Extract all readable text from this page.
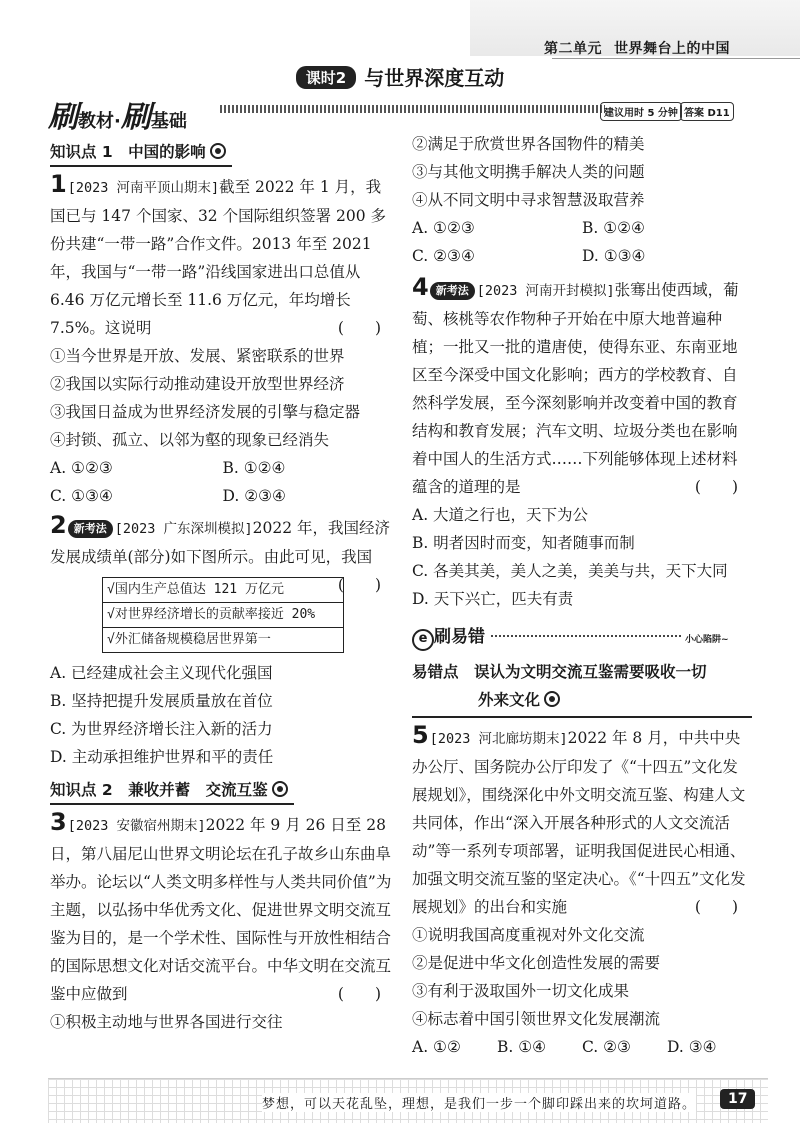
第二单元 世界舞台上的中国
课时2 与世界深度互动
刷教材·刷基础	建议用时 5 分钟 答案 D11
知识点 1　中国的影响
1[2023 河南平顶山期末]截至 2022 年 1 月，我国已与 147 个国家、32 个国际组织签署 200 多份共建“一带一路”合作文件。2013 年至 2021 年，我国与“一带一路”沿线国家进出口总值从 6.46 万亿元增长至 11.6 万亿元，年均增长 7.5%。这说明	(　　)
①当今世界是开放、发展、紧密联系的世界
②我国以实际行动推动建设开放型世界经济
③我国日益成为世界经济发展的引擎与稳定器
④封锁、孤立、以邻为壑的现象已经消失
A. ①②③	B. ①②④
C. ①③④	D. ②③④
2 新考法 [2023 广东深圳模拟]2022 年，我国经济发展成绩单(部分)如下图所示。由此可见，我国
(　　)
√国内生产总值达 121 万亿元
√对世界经济增长的贡献率接近 20%
√外汇储备规模稳居世界第一
A. 已经建成社会主义现代化强国
B. 坚持把提升发展质量放在首位
C. 为世界经济增长注入新的活力
D. 主动承担维护世界和平的责任
知识点 2　兼收并蓄　交流互鉴
3[2023 安徽宿州期末]2022 年 9 月 26 日至 28 日，第八届尼山世界文明论坛在孔子故乡山东曲阜举办。论坛以“人类文明多样性与人类共同价值”为主题，以弘扬中华优秀文化、促进世界文明交流互鉴为目的，是一个学术性、国际性与开放性相结合的国际思想文化对话交流平台。中华文明在交流互鉴中应做到	(　　)
①积极主动地与世界各国进行交往
②满足于欣赏世界各国物件的精美
③与其他文明携手解决人类的问题
④从不同文明中寻求智慧汲取营养
A. ①②③	B. ①②④
C. ②③④	D. ①③④
4 新考法 [2023 河南开封模拟]张骞出使西域，葡萄、核桃等农作物种子开始在中原大地普遍种植；一批又一批的遣唐使，使得东亚、东南亚地区至今深受中国文化影响；西方的学校教育、自然科学发展，至今深刻影响并改变着中国的教育结构和教育发展；汽车文明、垃圾分类也在影响着中国人的生活方式……下列能够体现上述材料蕴含的道理的是	(　　)
A. 大道之行也，天下为公
B. 明者因时而变，知者随事而制
C. 各美其美，美人之美，美美与共，天下大同
D. 天下兴亡，匹夫有责
e 刷易错	小心陷阱~
易错点　 误认为文明交流互鉴需要吸收一切
外来文化
5[2023 河北廊坊期末]2022 年 8 月，中共中央办公厅、国务院办公厅印发了《“十四五”文化发展规划》，围绕深化中外文明交流互鉴、构建人文共同体，作出“深入开展各种形式的人文交流活动”等一系列专项部署，证明我国促进民心相通、加强文明交流互鉴的坚定决心。《“十四五”文化发展规划》的出台和实施	(　　)
①说明我国高度重视对外文化交流
②是促进中华文化创造性发展的需要
③有利于汲取国外一切文化成果
④标志着中国引领世界文化发展潮流
A. ①②	B. ①④	C. ②③	D. ③④
梦想，可以天花乱坠，理想，是我们一步一个脚印踩出来的坎坷道路。	17
